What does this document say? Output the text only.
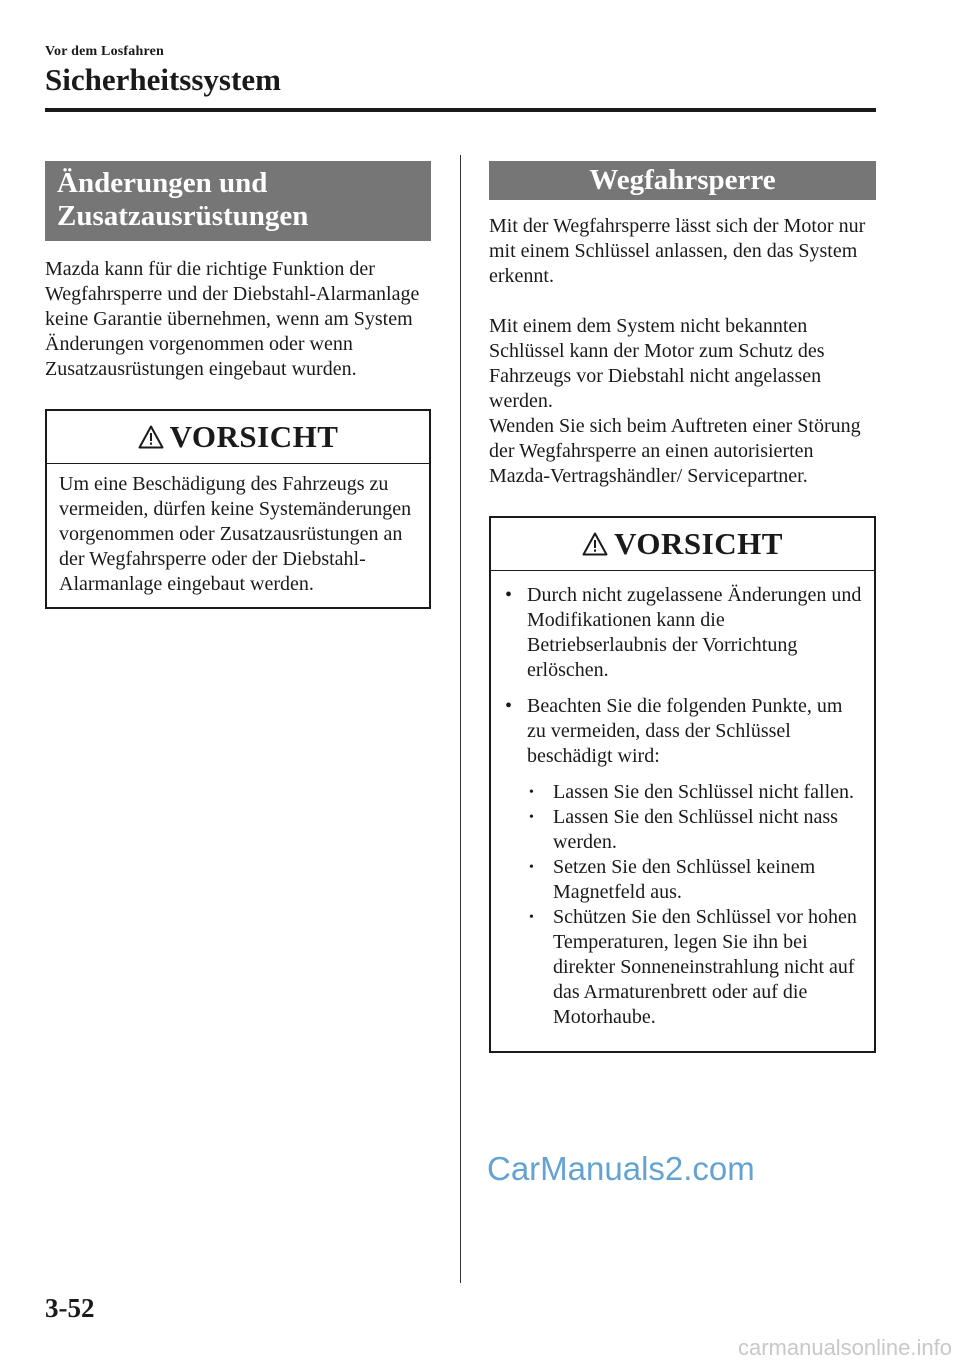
Vor dem Losfahren
Sicherheitssystem
Änderungen und
Zusatzausrüstungen

Mazda kann für die richtige Funktion der Wegfahrsperre und der Diebstahl-Alarmanlage keine Garantie übernehmen, wenn am System Änderungen vorgenommen oder wenn Zusatzausrüstungen eingebaut wurden.

VORSICHT
Um eine Beschädigung des Fahrzeugs zu vermeiden, dürfen keine Systemänderungen vorgenommen oder Zusatzausrüstungen an der Wegfahrsperre oder der Diebstahl-Alarmanlage eingebaut werden.
Wegfahrsperre

Mit der Wegfahrsperre lässt sich der Motor nur mit einem Schlüssel anlassen, den das System erkennt.

Mit einem dem System nicht bekannten Schlüssel kann der Motor zum Schutz des Fahrzeugs vor Diebstahl nicht angelassen werden.

Wenden Sie sich beim Auftreten einer Störung der Wegfahrsperre an einen autorisierten Mazda-Vertragshändler/ Servicepartner.

VORSICHT
• Durch nicht zugelassene Änderungen und Modifikationen kann die Betriebserlaubnis der Vorrichtung erlöschen.
• Beachten Sie die folgenden Punkte, um zu vermeiden, dass der Schlüssel beschädigt wird:
• Lassen Sie den Schlüssel nicht fallen.
• Lassen Sie den Schlüssel nicht nass werden.
• Setzen Sie den Schlüssel keinem Magnetfeld aus.
• Schützen Sie den Schlüssel vor hohen Temperaturen, legen Sie ihn bei direkter Sonneneinstrahlung nicht auf das Armaturenbrett oder auf die Motorhaube.
CarManuals2.com
3-52
carmanualsonline.info
